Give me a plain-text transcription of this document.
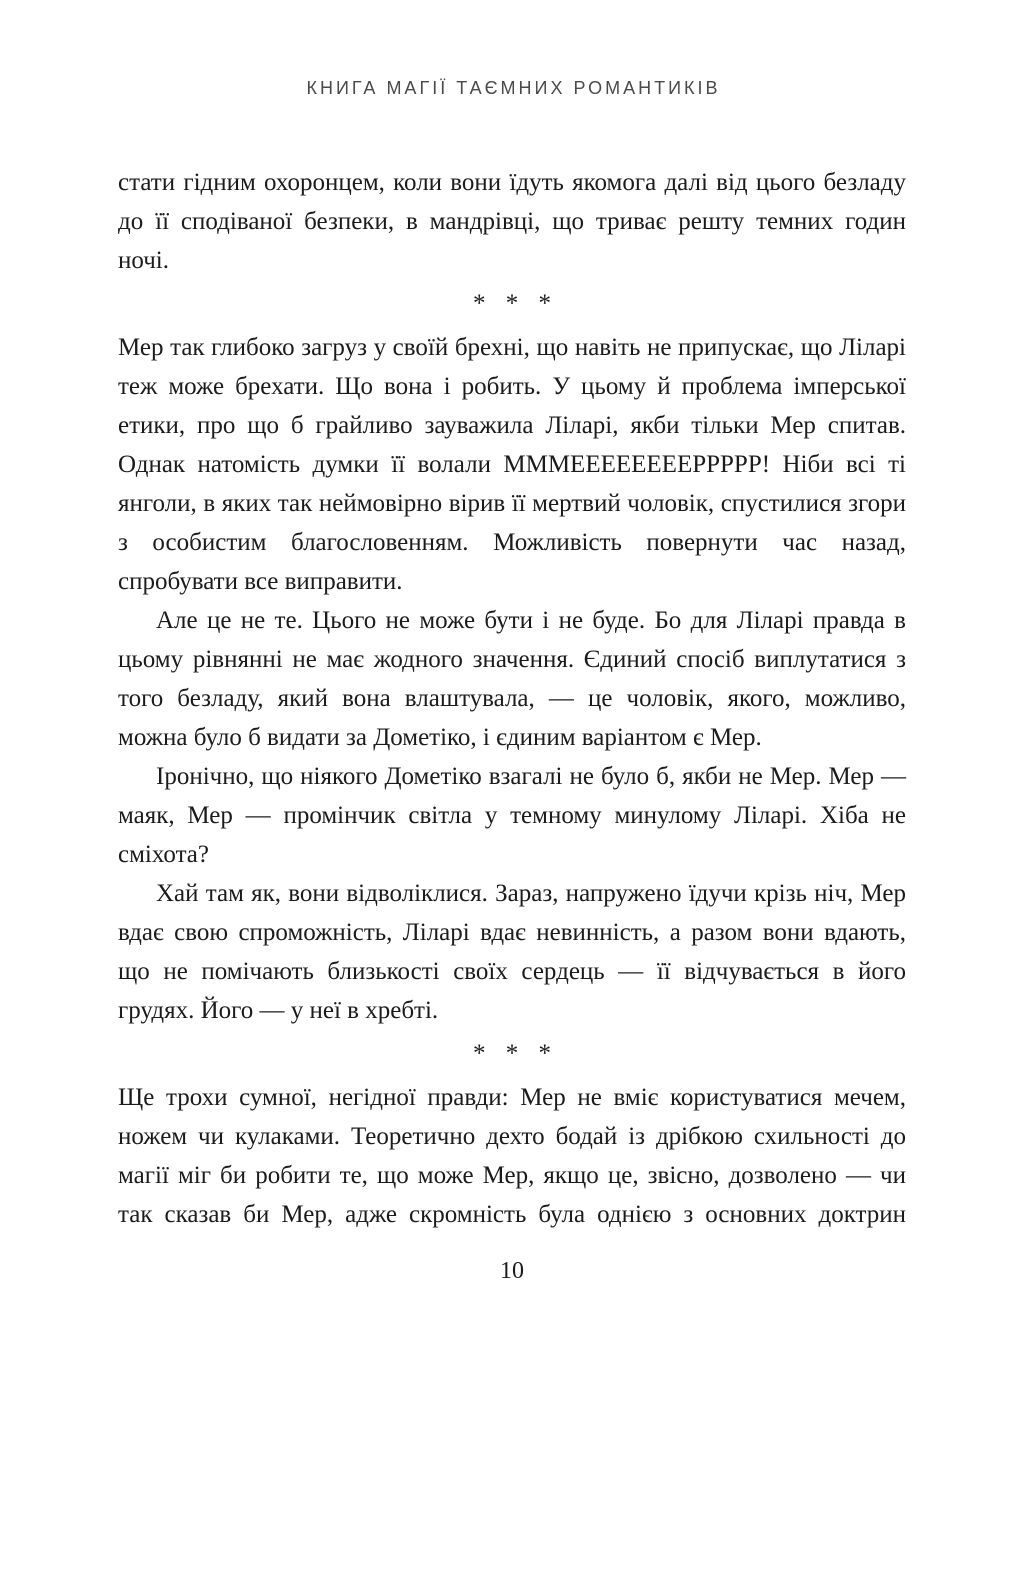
КНИГА МАГІЇ ТАЄМНИХ РОМАНТИКІВ

стати гідним охоронцем, коли вони їдуть якомога далі від цього безладу до її сподіваної безпеки, в мандрівці, що триває решту темних годин ночі.

* * *

Мер так глибоко загруз у своїй брехні, що навіть не припускає, що Ліларі теж може брехати. Що вона і робить. У цьому й проблема імперської етики, про що б грайливо зауважила Ліларі, якби тільки Мер спитав. Однак натомість думки її волали МММЕЕЕЕЕЕЕЕРРРРР! Ніби всі ті янголи, в яких так неймовірно вірив її мертвий чоловік, спустилися згори з особистим благословенням. Можливість повернути час назад, спробувати все виправити.

Але це не те. Цього не може бути і не буде. Бо для Ліларі правда в цьому рівнянні не має жодного значення. Єдиний спосіб виплутатися з того безладу, який вона влаштувала, — це чоловік, якого, можливо, можна було б видати за Дометіко, і єдиним варіантом є Мер.

Іронічно, що ніякого Дометіко взагалі не було б, якби не Мер. Мер — маяк, Мер — промінчик світла у темному минулому Ліларі. Хіба не сміхота?

Хай там як, вони відволіклися. Зараз, напружено їдучи крізь ніч, Мер вдає свою спроможність, Ліларі вдає невинність, а разом вони вдають, що не помічають близькості своїх сердець — її відчувається в його грудях. Його — у неї в хребті.

* * *

Ще трохи сумної, негідної правди: Мер не вміє користуватися мечем, ножем чи кулаками. Теоретично дехто бодай із дрібкою схильності до магії міг би робити те, що може Мер, якщо це, звісно, дозволено — чи так сказав би Мер, адже скромність була однією з основних доктрин

10
